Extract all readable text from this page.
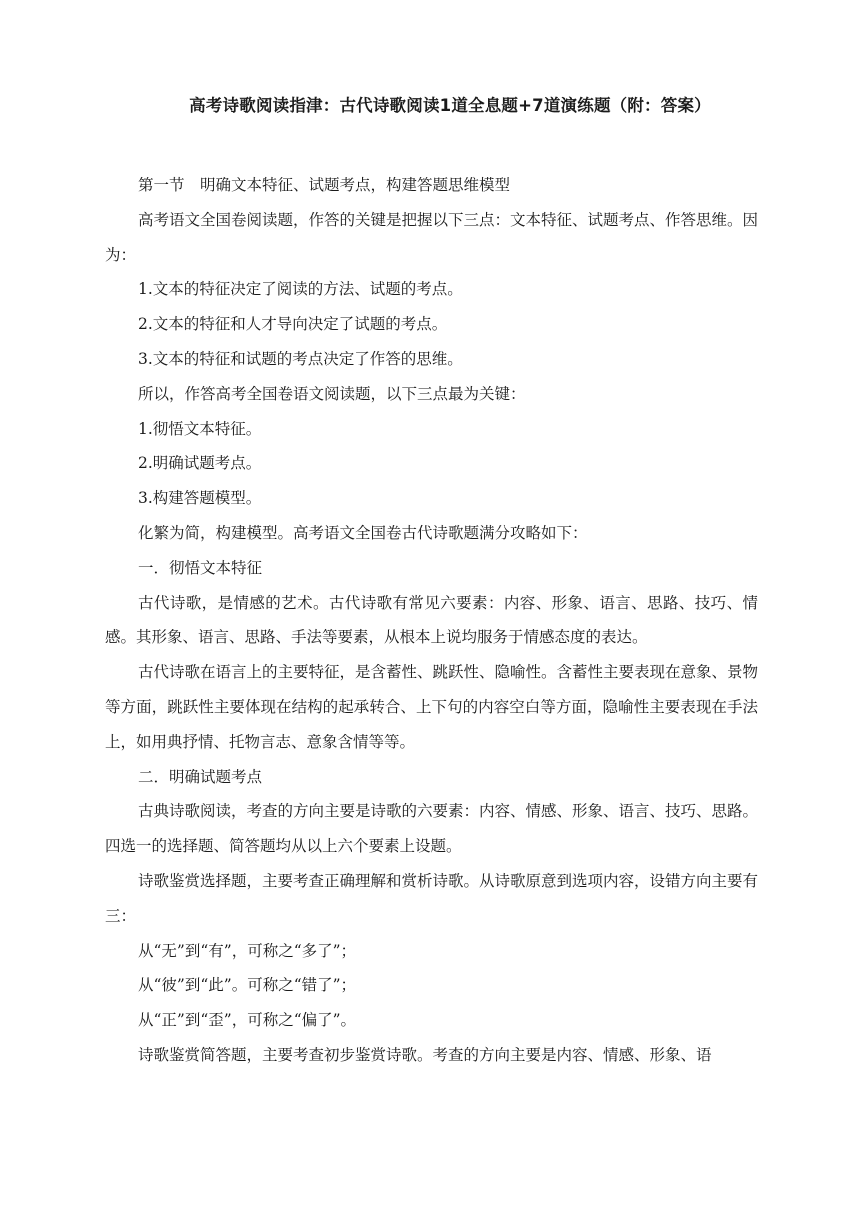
高考诗歌阅读指津：古代诗歌阅读1道全息题+7道演练题（附：答案）

第一节　明确文本特征、试题考点，构建答题思维模型

高考语文全国卷阅读题，作答的关键是把握以下三点：文本特征、试题考点、作答思维。因为：

1.文本的特征决定了阅读的方法、试题的考点。

2.文本的特征和人才导向决定了试题的考点。

3.文本的特征和试题的考点决定了作答的思维。

所以，作答高考全国卷语文阅读题，以下三点最为关键：

1.彻悟文本特征。

2.明确试题考点。

3.构建答题模型。

化繁为简，构建模型。高考语文全国卷古代诗歌题满分攻略如下：

一．彻悟文本特征

古代诗歌，是情感的艺术。古代诗歌有常见六要素：内容、形象、语言、思路、技巧、情感。其形象、语言、思路、手法等要素，从根本上说均服务于情感态度的表达。

古代诗歌在语言上的主要特征，是含蓄性、跳跃性、隐喻性。含蓄性主要表现在意象、景物等方面，跳跃性主要体现在结构的起承转合、上下句的内容空白等方面，隐喻性主要表现在手法上，如用典抒情、托物言志、意象含情等等。

二．明确试题考点

古典诗歌阅读，考查的方向主要是诗歌的六要素：内容、情感、形象、语言、技巧、思路。四选一的选择题、简答题均从以上六个要素上设题。

诗歌鉴赏选择题，主要考查正确理解和赏析诗歌。从诗歌原意到选项内容，设错方向主要有三：

从“无”到“有”，可称之“多了”；

从“彼”到“此”。可称之“错了”；

从“正”到“歪”，可称之“偏了”。

诗歌鉴赏简答题，主要考查初步鉴赏诗歌。考查的方向主要是内容、情感、形象、语
